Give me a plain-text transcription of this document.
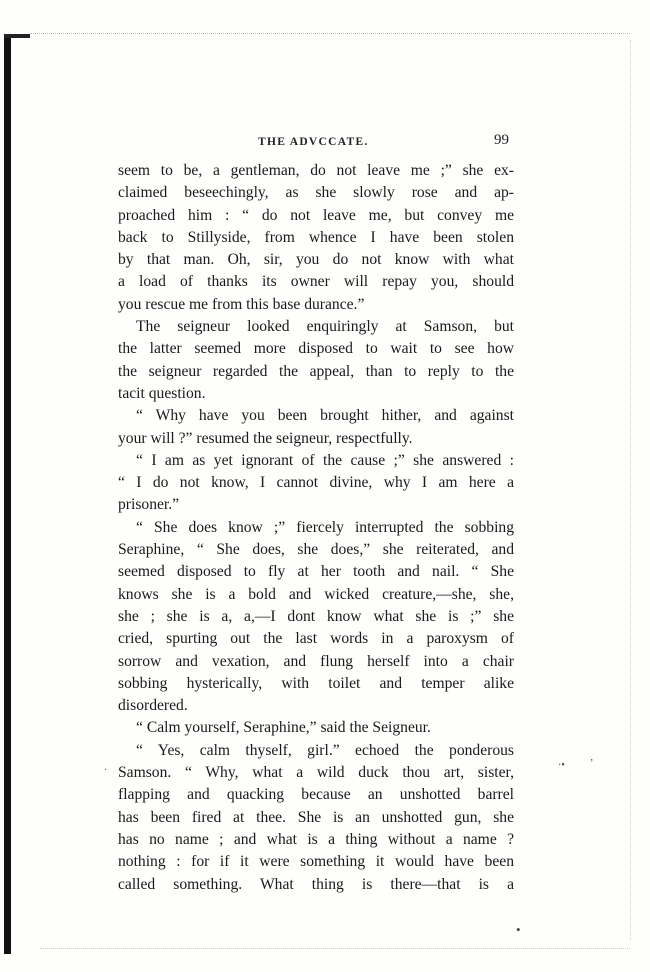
THE ADVCCATE.	99
seem to be, a gentleman, do not leave me ;” she ex-
claimed beseechingly, as she slowly rose and ap-
proached him : “ do not leave me, but convey me
back to Stillyside, from whence I have been stolen
by that man. Oh, sir, you do not know with what
a load of thanks its owner will repay you, should
you rescue me from this base durance.”
The seigneur looked enquiringly at Samson, but
the latter seemed more disposed to wait to see how
the seigneur regarded the appeal, than to reply to the
tacit question.
“ Why have you been brought hither, and against
your will ?” resumed the seigneur, respectfully.
“ I am as yet ignorant of the cause ;” she answered :
“ I do not know, I cannot divine, why I am here a
prisoner.”
“ She does know ;” fiercely interrupted the sobbing
Seraphine, “ She does, she does,” she reiterated, and
seemed disposed to fly at her tooth and nail. “ She
knows she is a bold and wicked creature,—she, she,
she ; she is a, a,—I dont know what she is ;” she
cried, spurting out the last words in a paroxysm of
sorrow and vexation, and flung herself into a chair
sobbing hysterically, with toilet and temper alike
disordered.
“ Calm yourself, Seraphine,” said the Seigneur.
“ Yes, calm thyself, girl.” echoed the ponderous
Samson. “ Why, what a wild duck thou art, sister,
flapping and quacking because an unshotted barrel
has been fired at thee. She is an unshotted gun, she
has no name ; and what is a thing without a name ?
nothing : for if it were something it would have been
called something. What thing is there—that is a
·•	’
·
•
